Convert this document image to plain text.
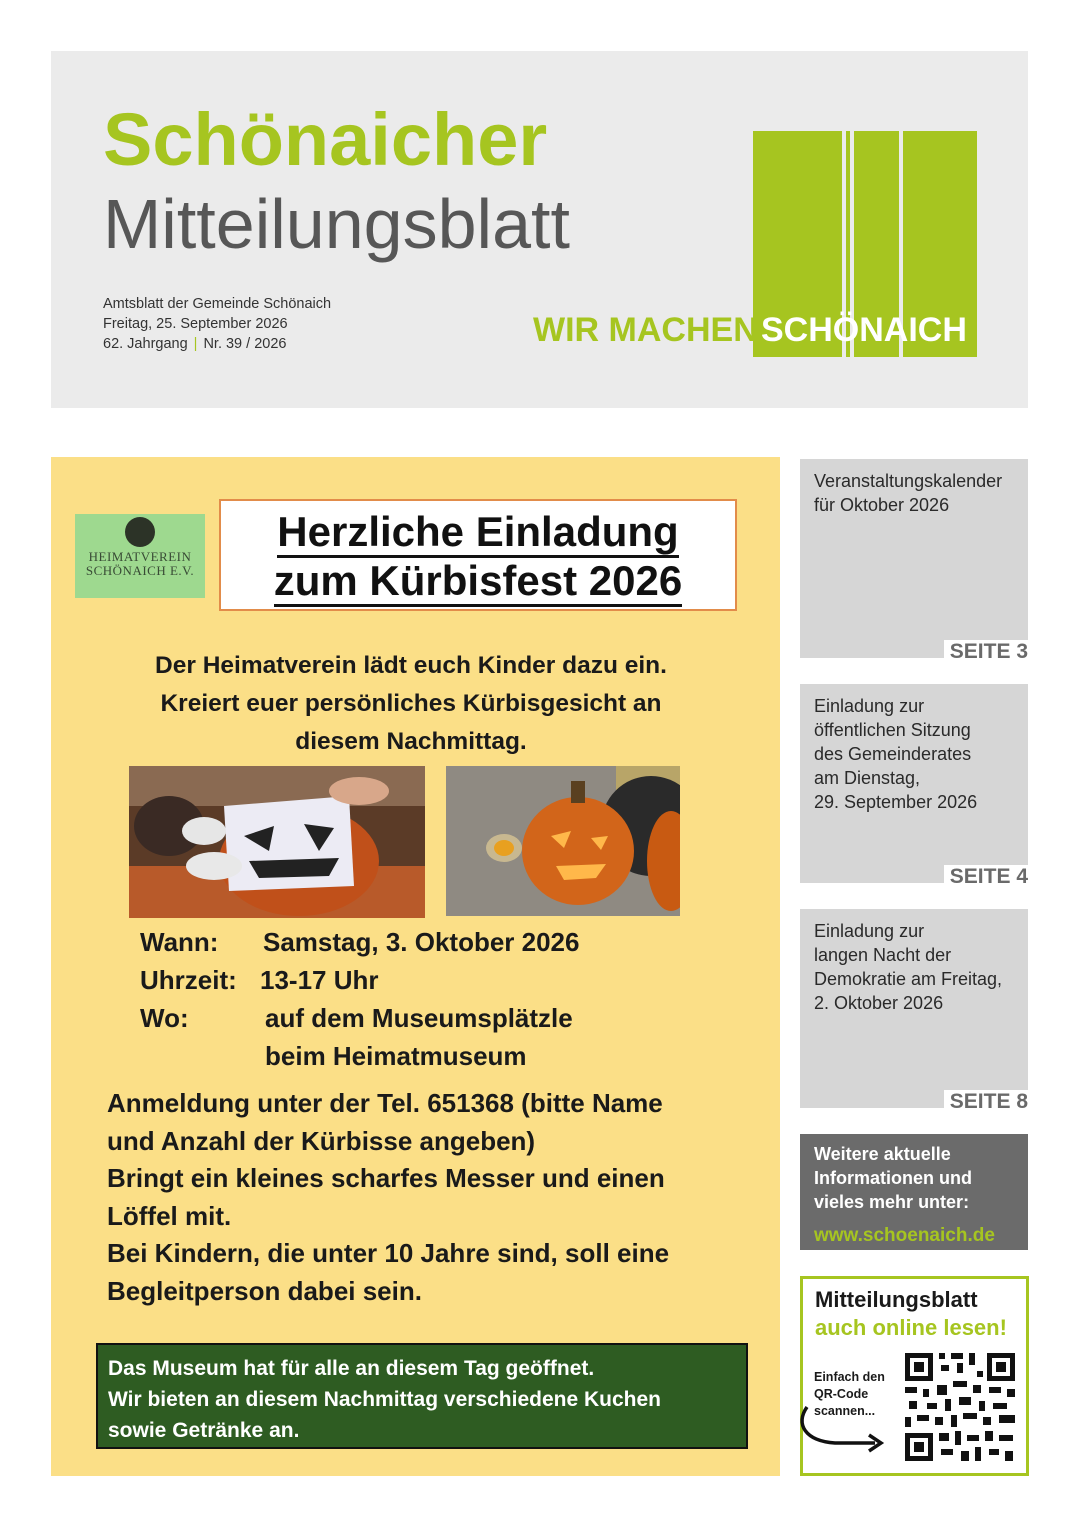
Schönaicher
Mitteilungsblatt
Amtsblatt der Gemeinde Schönaich
Freitag, 25. September 2026
62. Jahrgang | Nr. 39 / 2026	WIR MACHEN SCHÖNAICH
HEIMATVEREIN
SCHÖNAICH E.V.
Herzliche Einladung
zum Kürbisfest 2026
Der Heimatverein lädt euch Kinder dazu ein.
Kreiert euer persönliches Kürbisgesicht an
diesem Nachmittag.
Wann: Samstag, 3. Oktober 2026
Uhrzeit: 13-17 Uhr
Wo:	auf dem Museumsplätzle
beim Heimatmuseum
Anmeldung unter der Tel. 651368 (bitte Name
und Anzahl der Kürbisse angeben)
Bringt ein kleines scharfes Messer und einen
Löffel mit.
Bei Kindern, die unter 10 Jahre sind, soll eine
Begleitperson dabei sein.
Das Museum hat für alle an diesem Tag geöffnet.
Wir bieten an diesem Nachmittag verschiedene Kuchen
sowie Getränke an.
Veranstaltungskalender
für Oktober 2026
SEITE 3
Einladung zur
öffentlichen Sitzung
des Gemeinderates
am Dienstag,
29. September 2026
SEITE 4
Einladung zur
langen Nacht der
Demokratie am Freitag,
2. Oktober 2026
SEITE 8
Weitere aktuelle
Informationen und
vieles mehr unter:
www.schoenaich.de
Mitteilungsblatt
auch online lesen!
Einfach den
QR-Code
scannen...
